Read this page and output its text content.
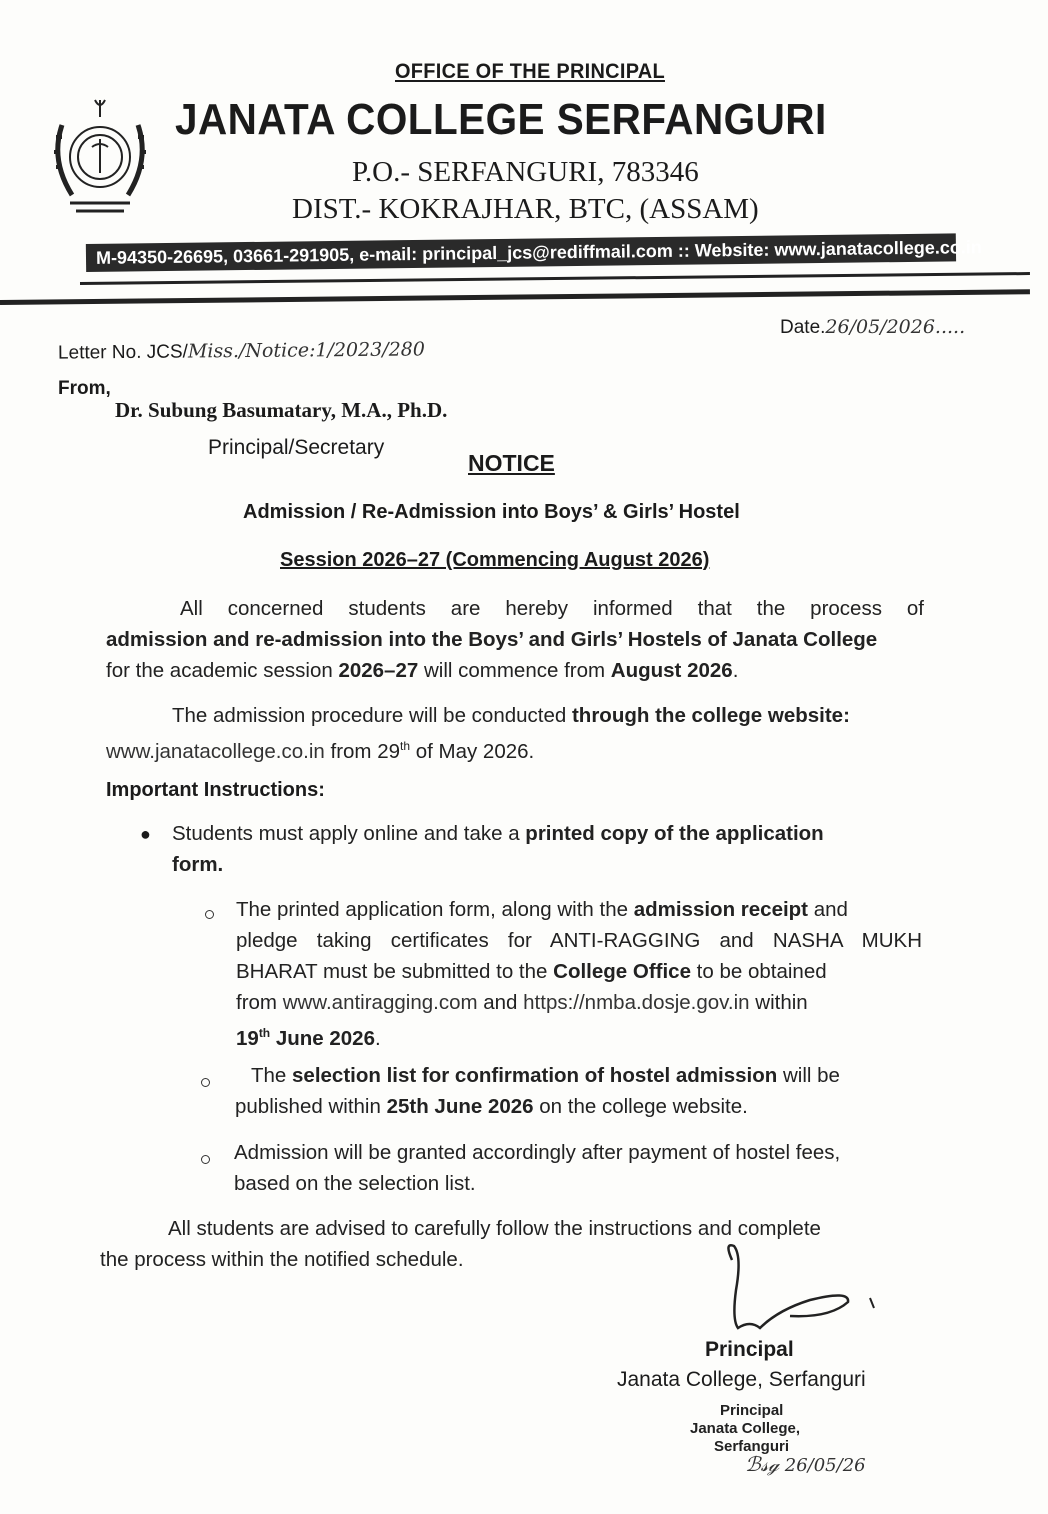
OFFICE OF THE PRINCIPAL
JANATA COLLEGE SERFANGURI
P.O.- SERFANGURI, 783346
DIST.- KOKRAJHAR, BTC, (ASSAM)
M-94350-26695, 03661-291905, e-mail: principal_jcs@rediffmail.com :: Website: www.janatacollege.co.in
Letter No. JCS/Miss./Notice:1/2023/280
Date.26/05/2026.....
From,
Dr. Subung Basumatary, M.A., Ph.D.
Principal/Secretary
NOTICE
Admission / Re-Admission into Boys’ & Girls’ Hostel
Session 2026–27 (Commencing August 2026)
All concerned students are hereby informed that the process of
admission and re-admission into the Boys’ and Girls’ Hostels of Janata College
for the academic session 2026–27 will commence from August 2026.
The admission procedure will be conducted through the college website:
www.janatacollege.co.in from 29th of May 2026.
Important Instructions:
● Students must apply online and take a printed copy of the application
form.
The printed application form, along with the admission receipt and
pledge taking certificates for ANTI-RAGGING and NASHA MUKH
BHARAT must be submitted to the College Office to be obtained
from www.antiragging.com and https://nmba.dosje.gov.in within
19th June 2026.
The selection list for confirmation of hostel admission will be
published within 25th June 2026 on the college website.
Admission will be granted accordingly after payment of hostel fees,
based on the selection list.
All students are advised to carefully follow the instructions and complete
the process within the notified schedule.
Principal
Janata College, Serfanguri
Principal
Janata College,
Serfanguri
ℬ𝓈ℊ 26/05/26
